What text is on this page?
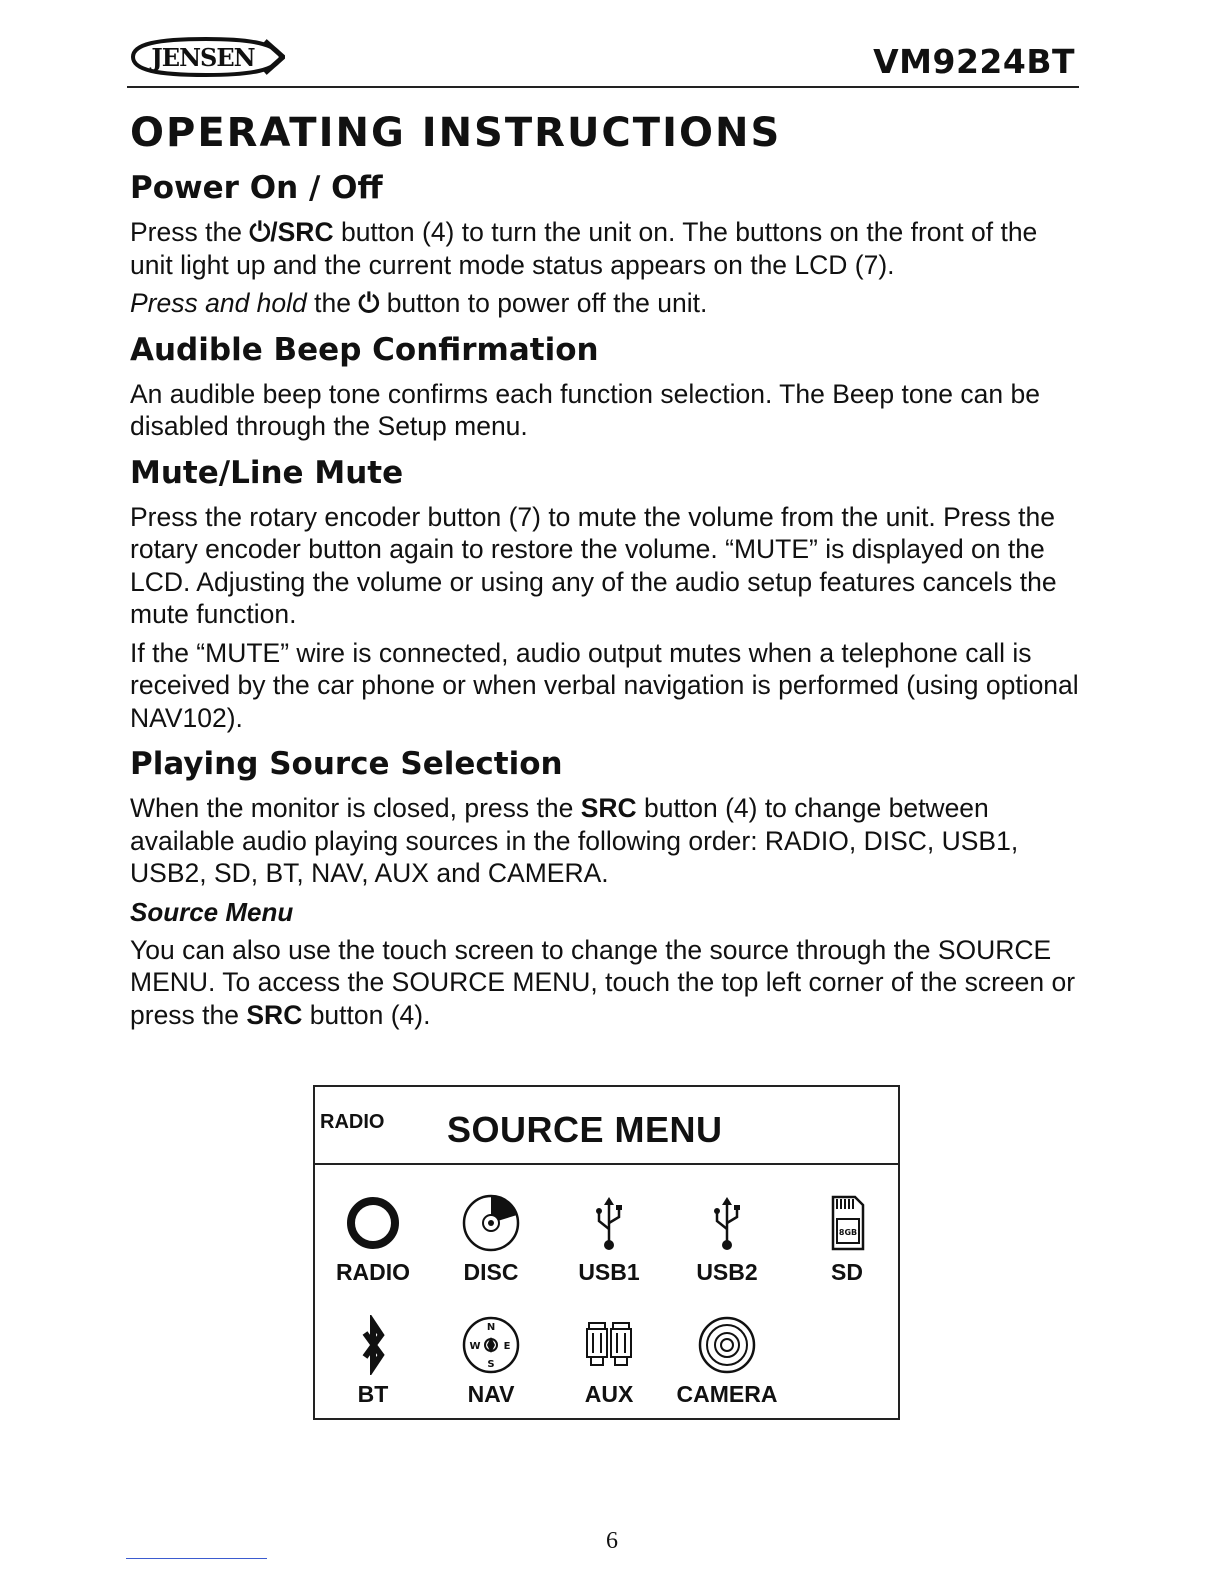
JENSEN	VM9224BT
OPERATING INSTRUCTIONS
Power On / Off

Press the ⏻/SRC button (4) to turn the unit on. The buttons on the front of the unit light up and the current mode status appears on the LCD (7).

Press and hold the ⏻ button to power off the unit.

Audible Beep Confirmation

An audible beep tone confirms each function selection. The Beep tone can be disabled through the Setup menu.

Mute/Line Mute

Press the rotary encoder button (7) to mute the volume from the unit. Press the rotary encoder button again to restore the volume. “MUTE” is displayed on the LCD. Adjusting the volume or using any of the audio setup features cancels the mute function.

If the “MUTE” wire is connected, audio output mutes when a telephone call is received by the car phone or when verbal navigation is performed (using optional NAV102).

Playing Source Selection

When the monitor is closed, press the SRC button (4) to change between available audio playing sources in the following order: RADIO, DISC, USB1, USB2, SD, BT, NAV, AUX and CAMERA.

Source Menu

You can also use the touch screen to change the source through the SOURCE MENU. To access the SOURCE MENU, touch the top left corner of the screen or press the SRC button (4).

RADIO SOURCE MENU
RADIO	DISC	USB1	USB2
8GB
SD
BT
N
W E
S
NAV	AUX	CAMERA
6
